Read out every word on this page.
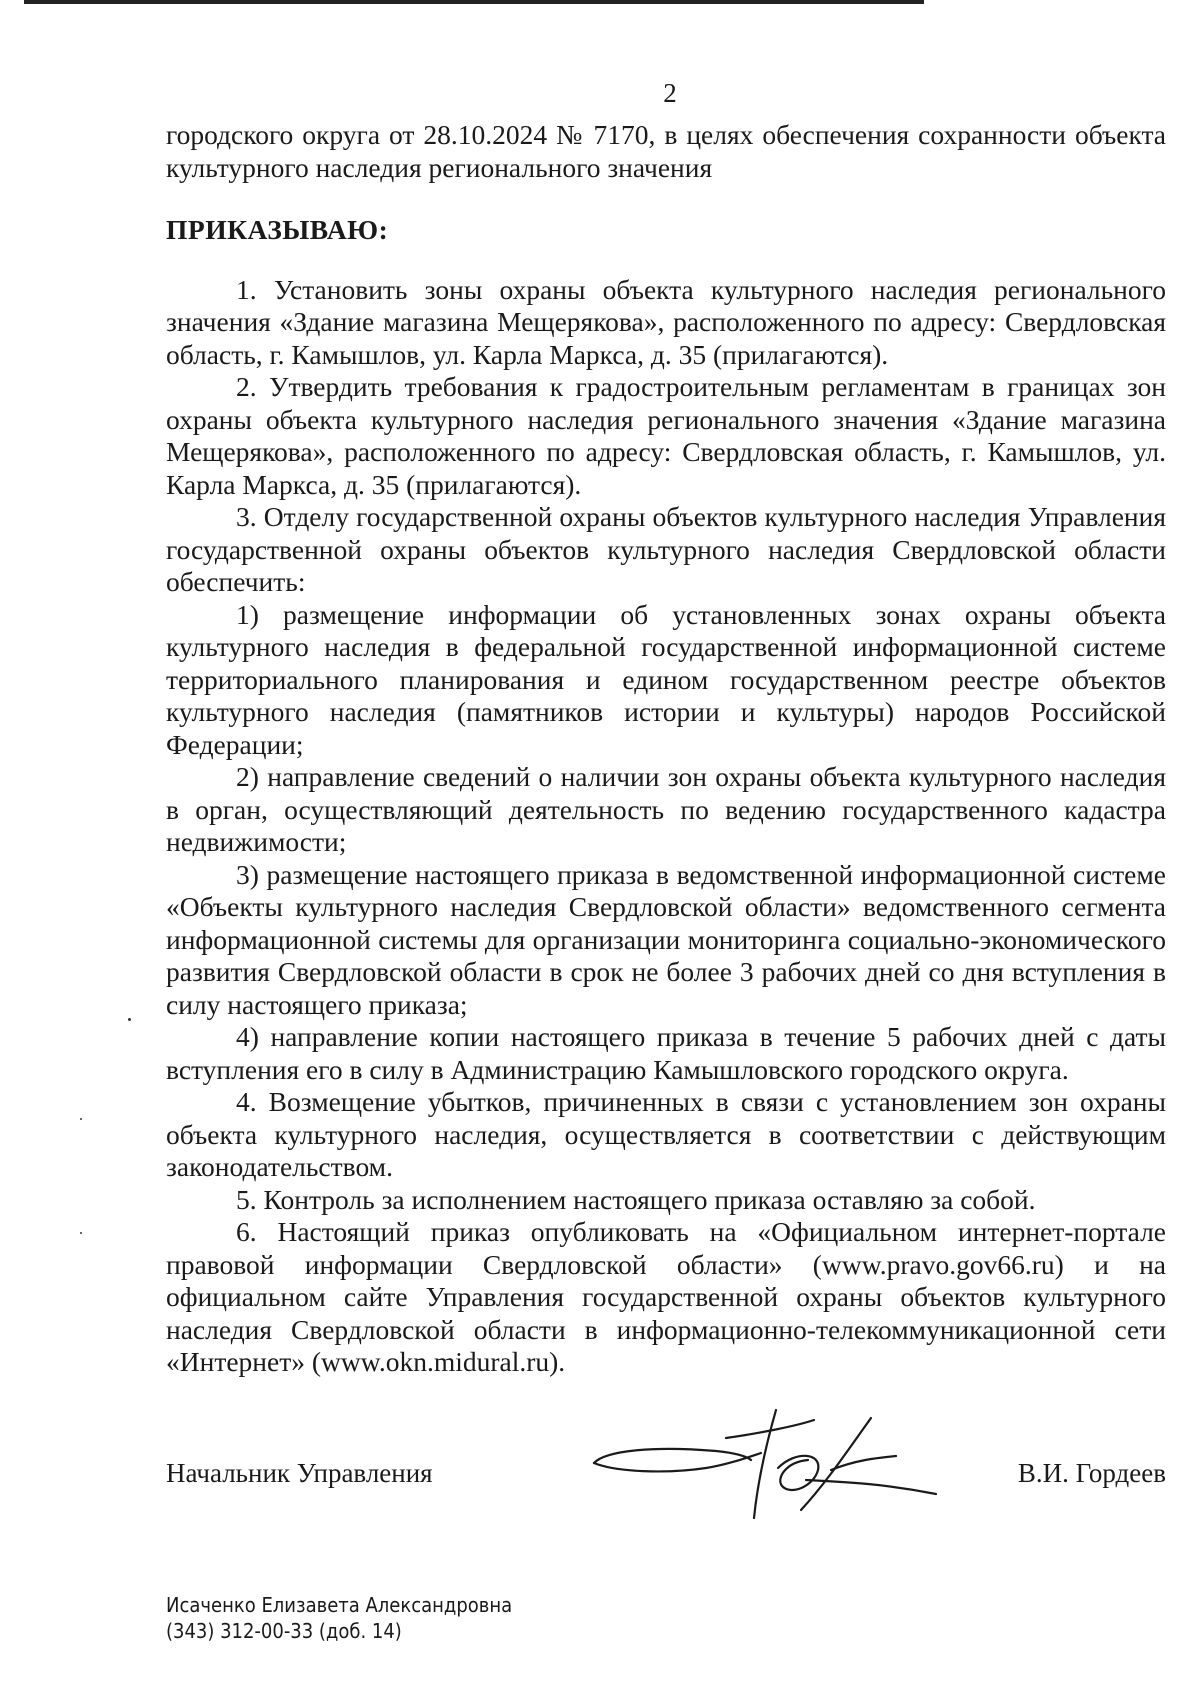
2

городского округа от 28.10.2024 № 7170, в целях обеспечения сохранности объекта культурного наследия регионального значения

ПРИКАЗЫВАЮ:

1. Установить зоны охраны объекта культурного наследия регионального значения «Здание магазина Мещерякова», расположенного по адресу: Свердловская область, г. Камышлов, ул. Карла Маркса, д. 35 (прилагаются).

2. Утвердить требования к градостроительным регламентам в границах зон охраны объекта культурного наследия регионального значения «Здание магазина Мещерякова», расположенного по адресу: Свердловская область, г. Камышлов, ул. Карла Маркса, д. 35 (прилагаются).

3. Отделу государственной охраны объектов культурного наследия Управления государственной охраны объектов культурного наследия Свердловской области обеспечить:

1) размещение информации об установленных зонах охраны объекта культурного наследия в федеральной государственной информационной системе территориального планирования и едином государственном реестре объектов культурного наследия (памятников истории и культуры) народов Российской Федерации;

2) направление сведений о наличии зон охраны объекта культурного наследия в орган, осуществляющий деятельность по ведению государственного кадастра недвижимости;

3) размещение настоящего приказа в ведомственной информационной системе «Объекты культурного наследия Свердловской области» ведомственного сегмента информационной системы для организации мониторинга социально-экономического развития Свердловской области в срок не более 3 рабочих дней со дня вступления в силу настоящего приказа;

4) направление копии настоящего приказа в течение 5 рабочих дней с даты вступления его в силу в Администрацию Камышловского городского округа.

4. Возмещение убытков, причиненных в связи с установлением зон охраны объекта культурного наследия, осуществляется в соответствии с действующим законодательством.

5. Контроль за исполнением настоящего приказа оставляю за собой.

6. Настоящий приказ опубликовать на «Официальном интернет-портале правовой информации Свердловской области» (www.pravo.gov66.ru) и на официальном сайте Управления государственной охраны объектов культурного наследия Свердловской области в информационно-телекоммуникационной сети «Интернет» (www.okn.midural.ru).

Начальник Управления	В.И. Гордеев
Исаченко Елизавета Александровна
(343) 312-00-33 (доб. 14)
